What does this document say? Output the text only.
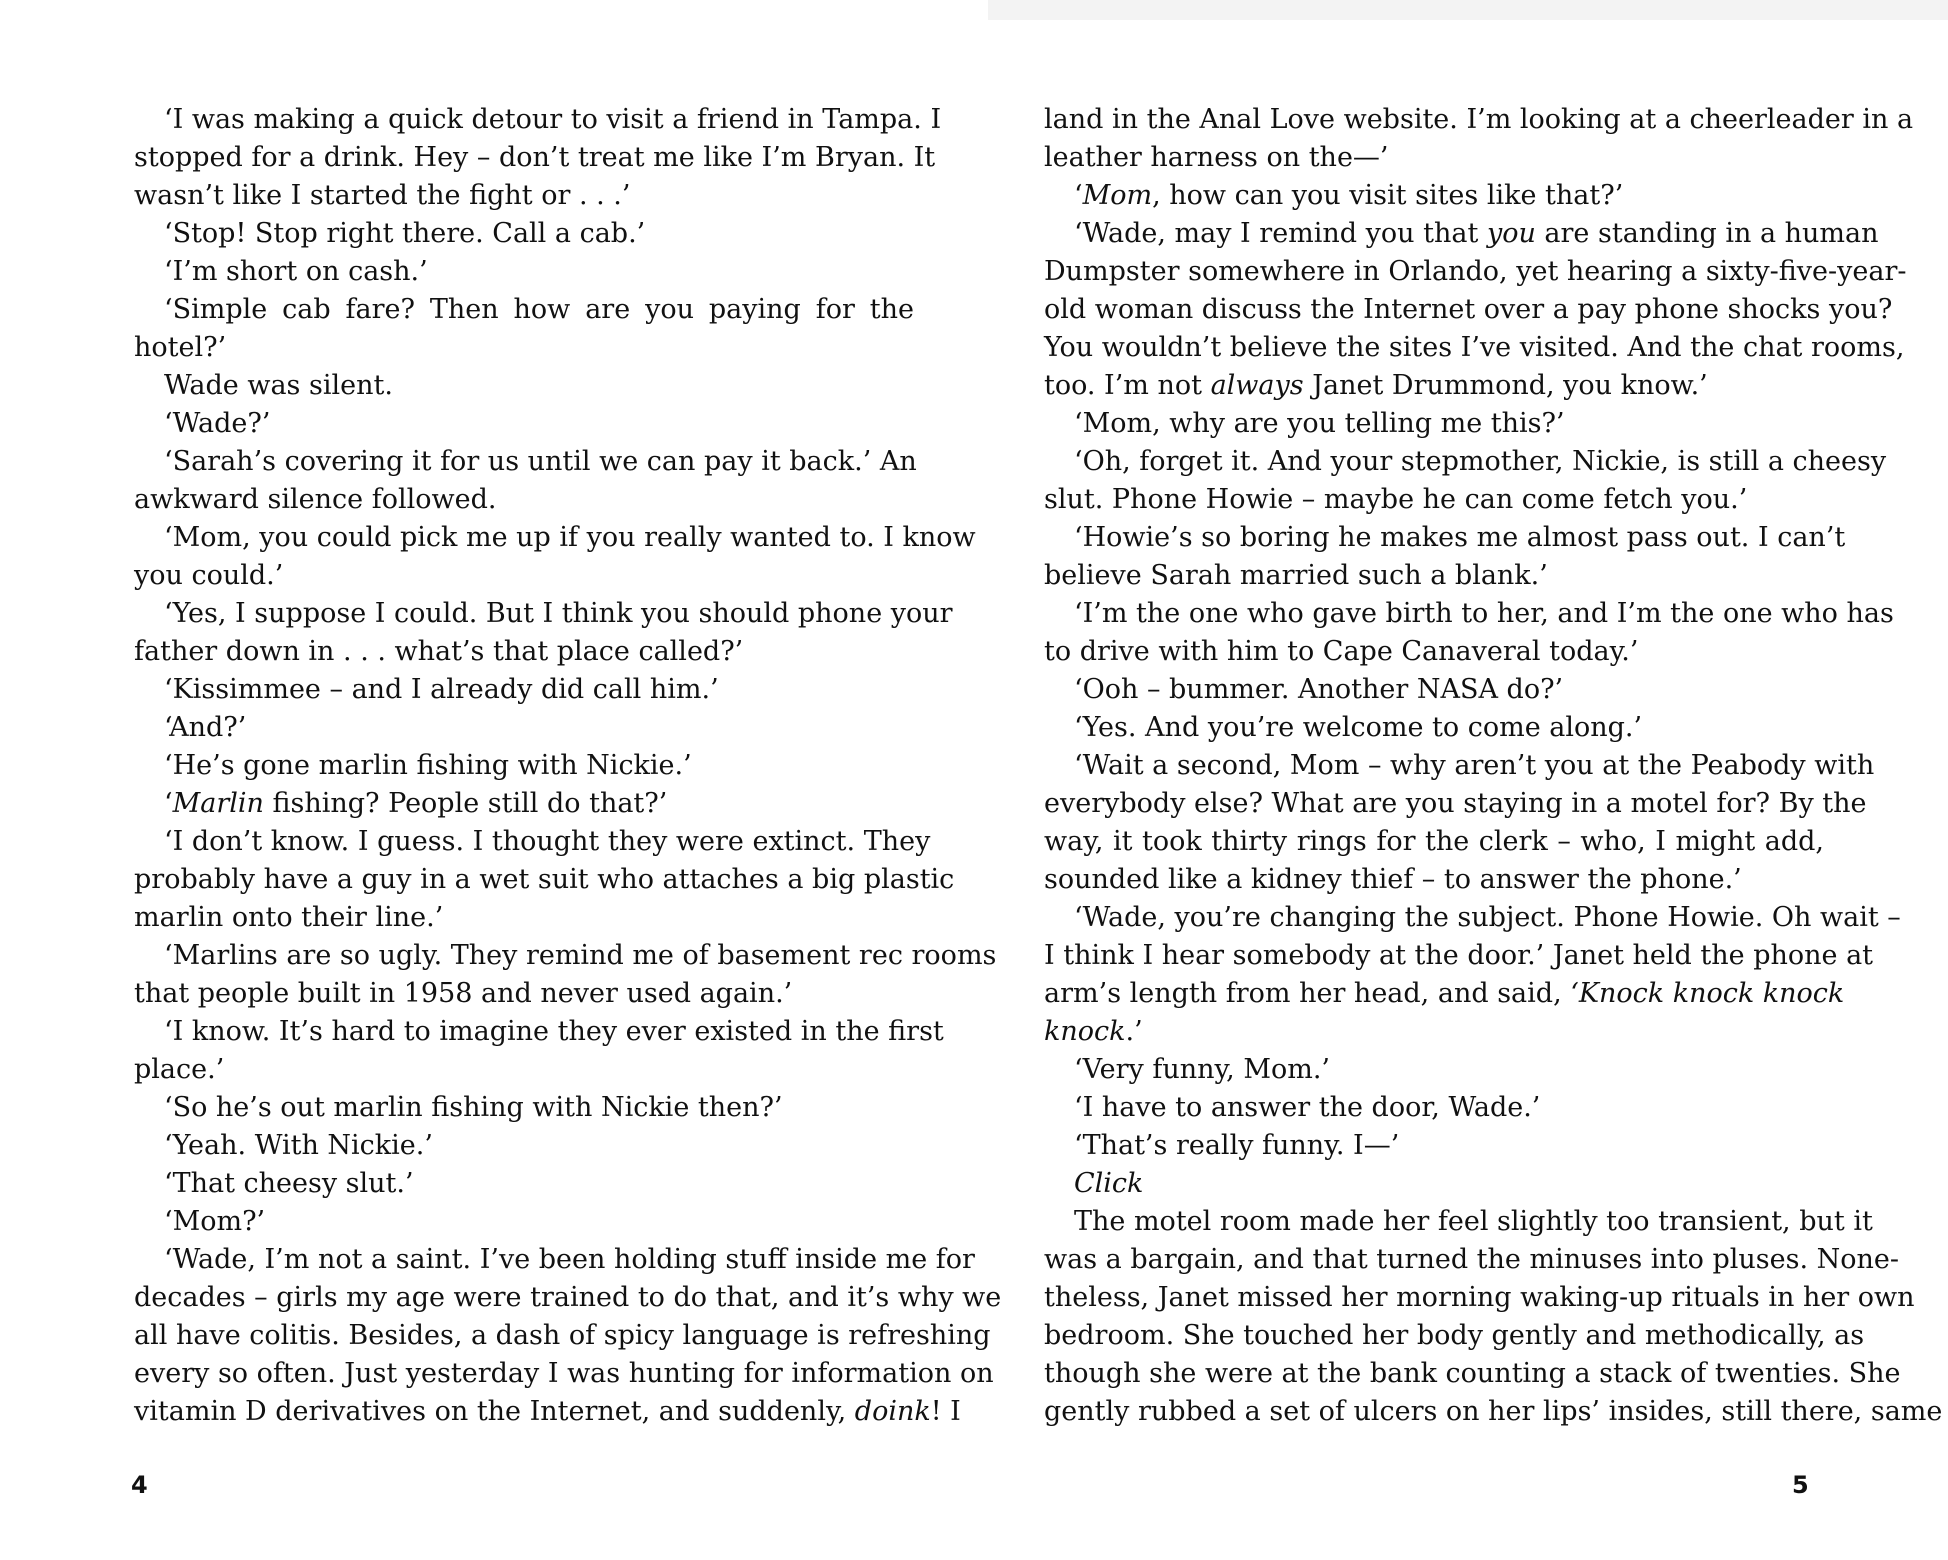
‘I was making a quick detour to visit a friend in Tampa. I
stopped for a drink. Hey – don’t treat me like I’m Bryan. It
wasn’t like I started the fight or . . .’
‘Stop! Stop right there. Call a cab.’
‘I’m short on cash.’
‘Simple cab fare? Then how are you paying for the
hotel?’
Wade was silent.
‘Wade?’
‘Sarah’s covering it for us until we can pay it back.’ An
awkward silence followed.
‘Mom, you could pick me up if you really wanted to. I know
you could.’
‘Yes, I suppose I could. But I think you should phone your
father down in . . . what’s that place called?’
‘Kissimmee – and I already did call him.’
‘And?’
‘He’s gone marlin fishing with Nickie.’
‘Marlin fishing? People still do that?’
‘I don’t know. I guess. I thought they were extinct. They
probably have a guy in a wet suit who attaches a big plastic
marlin onto their line.’
‘Marlins are so ugly. They remind me of basement rec rooms
that people built in 1958 and never used again.’
‘I know. It’s hard to imagine they ever existed in the first
place.’
‘So he’s out marlin fishing with Nickie then?’
‘Yeah. With Nickie.’
‘That cheesy slut.’
‘Mom?’
‘Wade, I’m not a saint. I’ve been holding stuff inside me for
decades – girls my age were trained to do that, and it’s why we
all have colitis. Besides, a dash of spicy language is refreshing
every so often. Just yesterday I was hunting for information on
vitamin D derivatives on the Internet, and suddenly, doink! I
land in the Anal Love website. I’m looking at a cheerleader in a
leather harness on the—’
‘Mom, how can you visit sites like that?’
‘Wade, may I remind you that you are standing in a human
Dumpster somewhere in Orlando, yet hearing a sixty-five-year-
old woman discuss the Internet over a pay phone shocks you?
You wouldn’t believe the sites I’ve visited. And the chat rooms,
too. I’m not always Janet Drummond, you know.’
‘Mom, why are you telling me this?’
‘Oh, forget it. And your stepmother, Nickie, is still a cheesy
slut. Phone Howie – maybe he can come fetch you.’
‘Howie’s so boring he makes me almost pass out. I can’t
believe Sarah married such a blank.’
‘I’m the one who gave birth to her, and I’m the one who has
to drive with him to Cape Canaveral today.’
‘Ooh – bummer. Another NASA do?’
‘Yes. And you’re welcome to come along.’
‘Wait a second, Mom – why aren’t you at the Peabody with
everybody else? What are you staying in a motel for? By the
way, it took thirty rings for the clerk – who, I might add,
sounded like a kidney thief – to answer the phone.’
‘Wade, you’re changing the subject. Phone Howie. Oh wait –
I think I hear somebody at the door.’ Janet held the phone at
arm’s length from her head, and said, ‘Knock knock knock
knock.’
‘Very funny, Mom.’
‘I have to answer the door, Wade.’
‘That’s really funny. I—’
Click
The motel room made her feel slightly too transient, but it
was a bargain, and that turned the minuses into pluses. None-
theless, Janet missed her morning waking-up rituals in her own
bedroom. She touched her body gently and methodically, as
though she were at the bank counting a stack of twenties. She
gently rubbed a set of ulcers on her lips’ insides, still there, same
4	5
